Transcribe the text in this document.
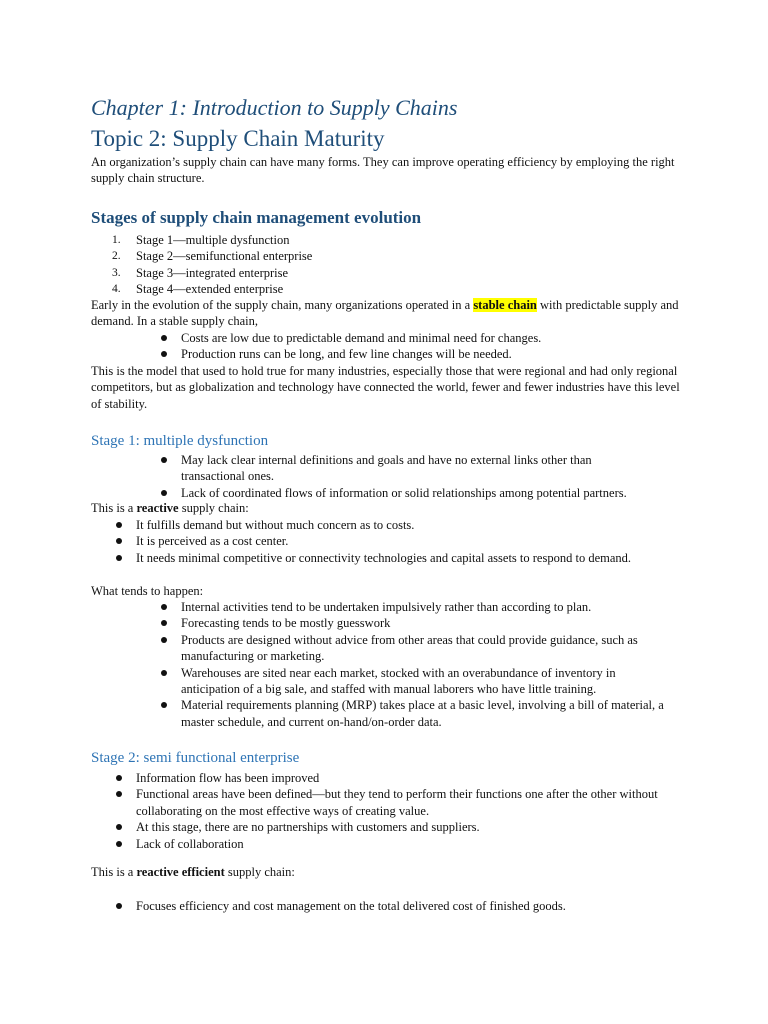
Chapter 1: Introduction to Supply Chains
Topic 2: Supply Chain Maturity

An organization’s supply chain can have many forms. They can improve operating efficiency by employing the right supply chain structure.

Stages of supply chain management evolution
1. Stage 1—multiple dysfunction
2. Stage 2—semifunctional enterprise
3. Stage 3—integrated enterprise
4. Stage 4—extended enterprise

Early in the evolution of the supply chain, many organizations operated in a stable chain with predictable supply and demand. In a stable supply chain,

Costs are low due to predictable demand and minimal need for changes.
Production runs can be long, and few line changes will be needed.

This is the model that used to hold true for many industries, especially those that were regional and had only regional competitors, but as globalization and technology have connected the world, fewer and fewer industries have this level of stability.

Stage 1: multiple dysfunction
May lack clear internal definitions and goals and have no external links other than transactional ones.
Lack of coordinated flows of information or solid relationships among potential partners.

This is a reactive supply chain:

It fulfills demand but without much concern as to costs.
It is perceived as a cost center.
It needs minimal competitive or connectivity technologies and capital assets to respond to demand.

What tends to happen:

Internal activities tend to be undertaken impulsively rather than according to plan.
Forecasting tends to be mostly guesswork
Products are designed without advice from other areas that could provide guidance, such as manufacturing or marketing.
Warehouses are sited near each market, stocked with an overabundance of inventory in anticipation of a big sale, and staffed with manual laborers who have little training.
Material requirements planning (MRP) takes place at a basic level, involving a bill of material, a master schedule, and current on-hand/on-order data.
Stage 2: semi functional enterprise
Information flow has been improved
Functional areas have been defined—but they tend to perform their functions one after the other without collaborating on the most effective ways of creating value.
At this stage, there are no partnerships with customers and suppliers.
Lack of collaboration

This is a reactive efficient supply chain:

Focuses efficiency and cost management on the total delivered cost of finished goods.
